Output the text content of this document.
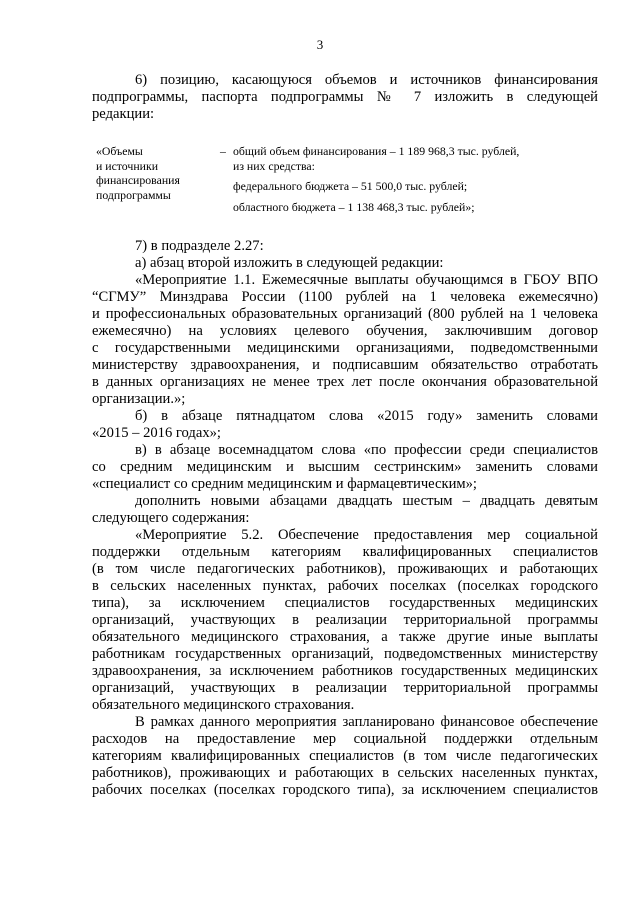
3
6) позицию, касающуюся объемов и источников финансирования
подпрограммы, паспорта подпрограммы № 7 изложить в следующей
редакции:
«Объемы
и источники
финансирования
подпрограммы
– общий объем финансирования – 1 189 968,3 тыс. рублей,
из них средства:
федерального бюджета – 51 500,0 тыс. рублей;
областного бюджета – 1 138 468,3 тыс. рублей»;
7) в подразделе 2.27:
а) абзац второй изложить в следующей редакции:
«Мероприятие 1.1. Ежемесячные выплаты обучающимся в ГБОУ ВПО
“СГМУ” Минздрава России (1100 рублей на 1 человека ежемесячно)
и профессиональных образовательных организаций (800 рублей на 1 человека
ежемесячно) на условиях целевого обучения, заключившим договор
с государственными медицинскими организациями, подведомственными
министерству здравоохранения, и подписавшим обязательство отработать
в данных организациях не менее трех лет после окончания образовательной
организации.»;
б) в абзаце пятнадцатом слова «2015 году» заменить словами
«2015 – 2016 годах»;
в) в абзаце восемнадцатом слова «по профессии среди специалистов
со средним медицинским и высшим сестринским» заменить словами
«специалист со средним медицинским и фармацевтическим»;
дополнить новыми абзацами двадцать шестым – двадцать девятым
следующего содержания:
«Мероприятие 5.2. Обеспечение предоставления мер социальной
поддержки отдельным категориям квалифицированных специалистов
(в том числе педагогических работников), проживающих и работающих
в сельских населенных пунктах, рабочих поселках (поселках городского
типа), за исключением специалистов государственных медицинских
организаций, участвующих в реализации территориальной программы
обязательного медицинского страхования, а также другие иные выплаты
работникам государственных организаций, подведомственных министерству
здравоохранения, за исключением работников государственных медицинских
организаций, участвующих в реализации территориальной программы
обязательного медицинского страхования.
В рамках данного мероприятия запланировано финансовое обеспечение
расходов на предоставление мер социальной поддержки отдельным
категориям квалифицированных специалистов (в том числе педагогических
работников), проживающих и работающих в сельских населенных пунктах,
рабочих поселках (поселках городского типа), за исключением специалистов
